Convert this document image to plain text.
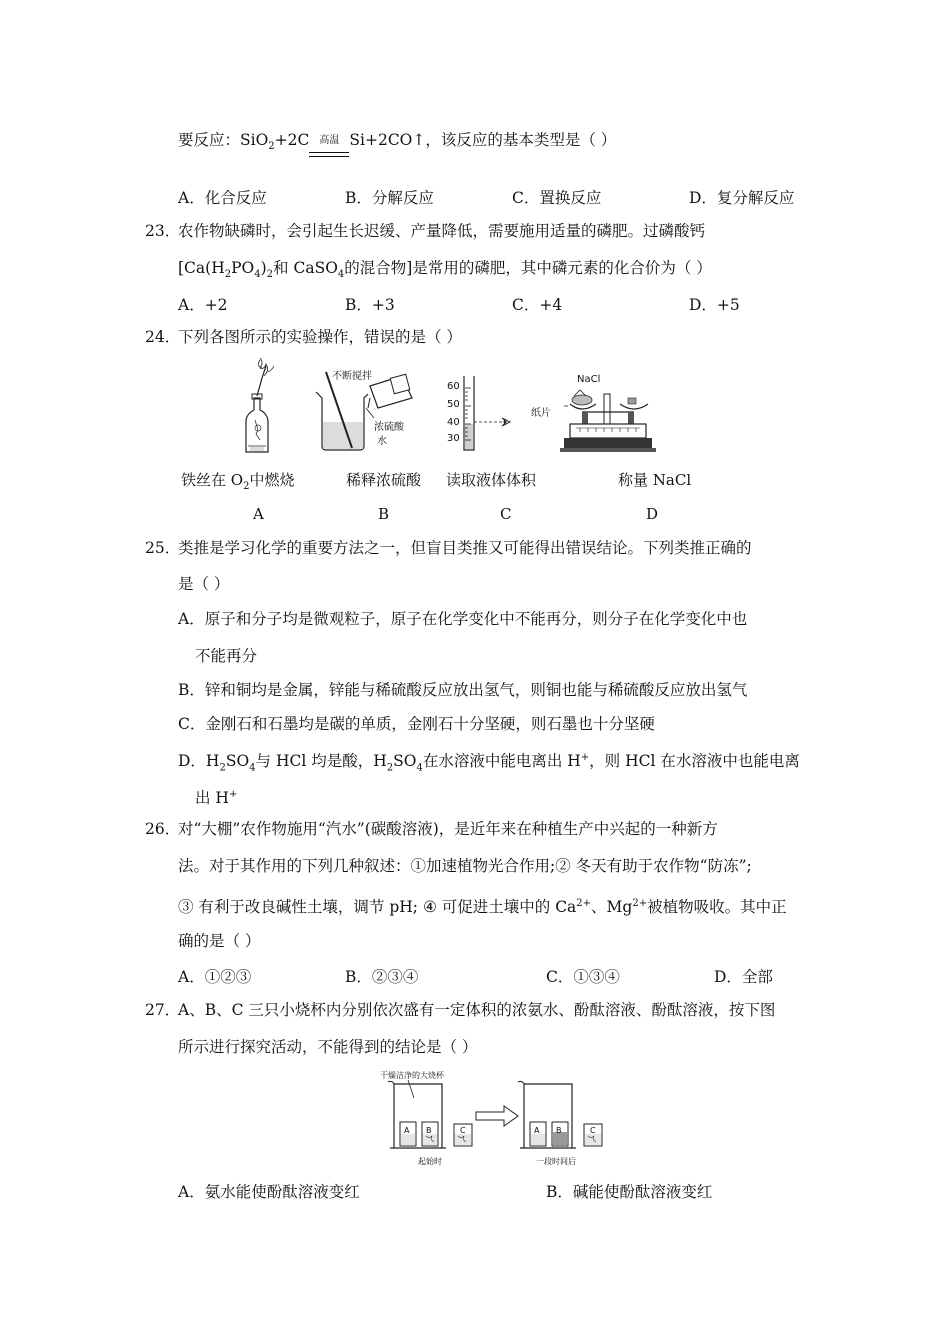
要反应：SiO$_2$+2C 高温 Si+2CO↑，该反应的基本类型是（ ）
A．化合反应	B．分解反应	C．置换反应	D．复分解反应
23．
农作物缺磷时，会引起生长迟缓、产量降低，需要施用适量的磷肥。过磷酸钙
[$Ca(H_2PO_4)_2$和 CaSO$_4$的混合物]是常用的磷肥，其中磷元素的化合价为（ ）
A．+2	B．+3	C．+4	D．+5
24．
下列各图所示的实验操作，错误的是（ ）
不断搅拌
浓硫酸
水
60
50
40
30
NaCl
纸片
铁丝在 $O_2$中燃烧	稀释浓硫酸 读取液体体积	称量 NaCl
A	B	C	D
25．
类推是学习化学的重要方法之一，但盲目类推又可能得出错误结论。下列类推正确的
是（ ）
A．原子和分子均是微观粒子，原子在化学变化中不能再分，则分子在化学变化中也
不能再分
B．锌和铜均是金属，锌能与稀硫酸反应放出氢气，则铜也能与稀硫酸反应放出氢气
C．金刚石和石墨均是碳的单质，金刚石十分坚硬，则石墨也十分坚硬
D．$H_2SO_4$与 HCl 均是酸，$H_2SO_4$在水溶液中能电离出 H+，则 HCl 在水溶液中也能电离
出 H+
26．
对“大棚”农作物施用“汽水”(碳酸溶液)，是近年来在种植生产中兴起的一种新方
法。对于其作用的下列几种叙述：①加速植物光合作用;② 冬天有助于农作物“防冻”;
③ 有利于改良碱性土壤，调节 pH; ④ 可促进土壤中的 $Ca^{2+}$、$Mg^{2+}$被植物吸收。其中正
确的是（ ）
A．①②③	B．②③④	C．①③④	D．全部
27．
A、B、C 三只小烧杯内分别依次盛有一定体积的浓氨水、酚酞溶液、酚酞溶液，按下图
所示进行探究活动，不能得到的结论是（ ）
干燥洁净的大烧杯
A B	C	A B	C
起始时	一段时间后
A．氨水能使酚酞溶液变红	B．碱能使酚酞溶液变红
